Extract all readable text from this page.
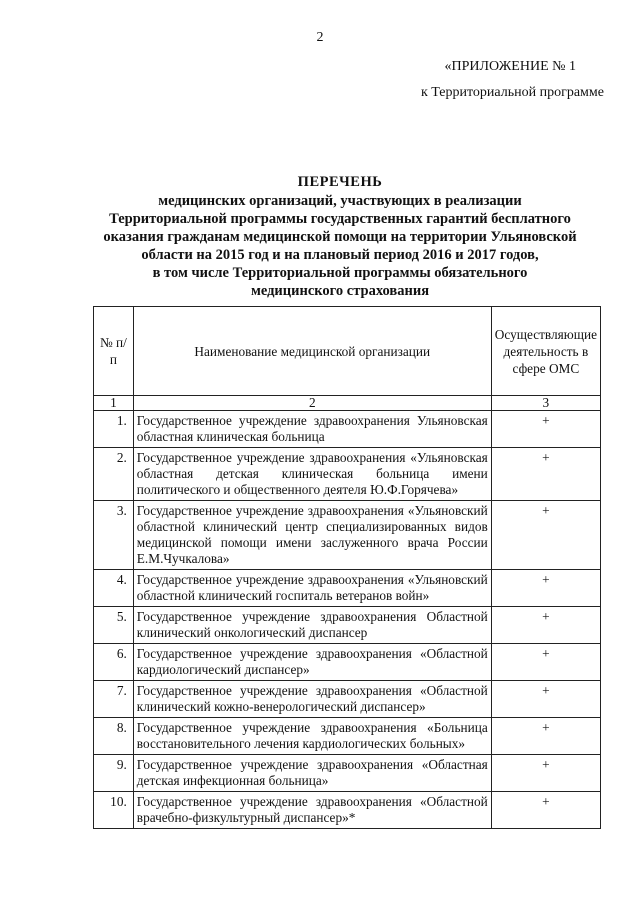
2
«ПРИЛОЖЕНИЕ № 1
к Территориальной программе
ПЕРЕЧЕНЬ
медицинских организаций, участвующих в реализации
Территориальной программы государственных гарантий бесплатного
оказания гражданам медицинской помощи на территории Ульяновской
области на 2015 год и на плановый период 2016 и 2017 годов,
в том числе Территориальной программы обязательного
медицинского страхования
№ п/п	Наименование медицинской организации	Осуществляющие деятельность в сфере ОМС
1	2	3
1.	Государственное учреждение здравоохранения Ульяновская областная клиническая больница	+
2.	Государственное учреждение здравоохранения «Ульяновская областная детская клиническая больница имени политического и общественного деятеля Ю.Ф.Горячева»	+
3.	Государственное учреждение здравоохранения «Ульяновский областной клинический центр специализированных видов медицинской помощи имени заслуженного врача России Е.М.Чучкалова»	+
4.	Государственное учреждение здравоохранения «Ульяновский областной клинический госпиталь ветеранов войн»	+
5.	Государственное учреждение здравоохранения Областной клинический онкологический диспансер	+
6.	Государственное учреждение здравоохранения «Областной кардиологический диспансер»	+
7.	Государственное учреждение здравоохранения «Областной клинический кожно-венерологический диспансер»	+
8.	Государственное учреждение здравоохранения «Больница восстановительного лечения кардиологических больных»	+
9.	Государственное учреждение здравоохранения «Областная детская инфекционная больница»	+
10.	Государственное учреждение здравоохранения «Областной врачебно-физкультурный диспансер»*	+
